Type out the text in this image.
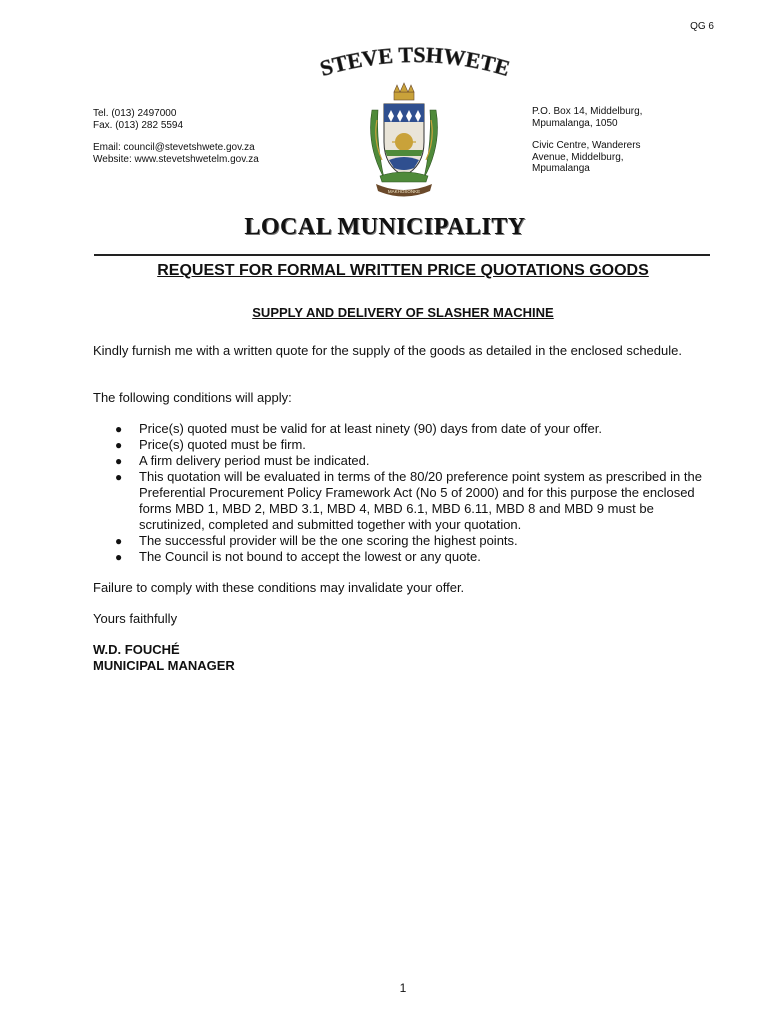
QG 6
STEVE TSHWETE
MAKHOSONKE
Tel. (013) 2497000
Fax. (013) 282 5594
Email: council@stevetshwete.gov.za
Website: www.stevetshwetelm.gov.za
P.O. Box 14, Middelburg,
Mpumalanga, 1050
Civic Centre, Wanderers
Avenue, Middelburg,
Mpumalanga
LOCAL MUNICIPALITY
REQUEST FOR FORMAL WRITTEN PRICE QUOTATIONS GOODS
SUPPLY AND DELIVERY OF SLASHER MACHINE
Kindly furnish me with a written quote for the supply of the goods as detailed in the enclosed schedule.
The following conditions will apply:
● Price(s) quoted must be valid for at least ninety (90) days from date of your offer.
● Price(s) quoted must be firm.
● A firm delivery period must be indicated.
● This quotation will be evaluated in terms of the 80/20 preference point system as prescribed in the Preferential Procurement Policy Framework Act (No 5 of 2000) and for this purpose the enclosed forms MBD 1, MBD 2, MBD 3.1, MBD 4, MBD 6.1, MBD 6.11, MBD 8 and MBD 9 must be scrutinized, completed and submitted together with your quotation.
● The successful provider will be the one scoring the highest points.
● The Council is not bound to accept the lowest or any quote.
Failure to comply with these conditions may invalidate your offer.
Yours faithfully
W.D. FOUCHÉ
MUNICIPAL MANAGER
1
